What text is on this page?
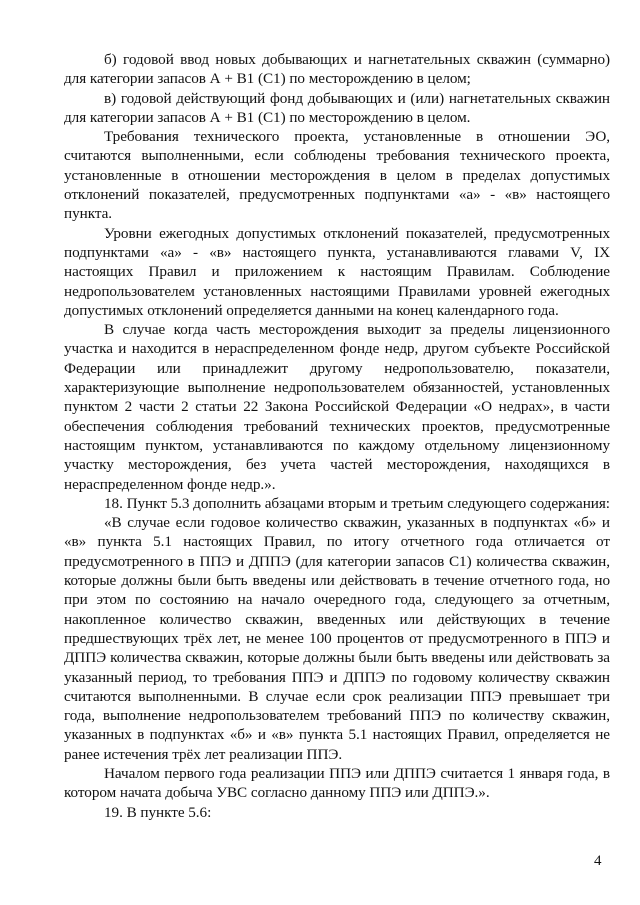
б) годовой ввод новых добывающих и нагнетательных скважин (суммарно) для категории запасов А + В1 (С1) по месторождению в целом;

в) годовой действующий фонд добывающих и (или) нагнетательных скважин для категории запасов А + В1 (С1) по месторождению в целом.

Требования технического проекта, установленные в отношении ЭО, считаются выполненными, если соблюдены требования технического проекта, установленные в отношении месторождения в целом в пределах допустимых отклонений показателей, предусмотренных подпунктами «а» - «в» настоящего пункта.

Уровни ежегодных допустимых отклонений показателей, предусмотренных подпунктами «а» - «в» настоящего пункта, устанавливаются главами V, IX настоящих Правил и приложением к настоящим Правилам. Соблюдение недропользователем установленных настоящими Правилами уровней ежегодных допустимых отклонений определяется данными на конец календарного года.

В случае когда часть месторождения выходит за пределы лицензионного участка и находится в нераспределенном фонде недр, другом субъекте Российской Федерации или принадлежит другому недропользователю, показатели, характеризующие выполнение недропользователем обязанностей, установленных пунктом 2 части 2 статьи 22 Закона Российской Федерации «О недрах», в части обеспечения соблюдения требований технических проектов, предусмотренные настоящим пунктом, устанавливаются по каждому отдельному лицензионному участку месторождения, без учета частей месторождения, находящихся в нераспределенном фонде недр.».

18. Пункт 5.3 дополнить абзацами вторым и третьим следующего содержания:

«В случае если годовое количество скважин, указанных в подпунктах «б» и «в» пункта 5.1 настоящих Правил, по итогу отчетного года отличается от предусмотренного в ППЭ и ДППЭ (для категории запасов С1) количества скважин, которые должны были быть введены или действовать в течение отчетного года, но при этом по состоянию на начало очередного года, следующего за отчетным, накопленное количество скважин, введенных или действующих в течение предшествующих трёх лет, не менее 100 процентов от предусмотренного в ППЭ и ДППЭ количества скважин, которые должны были быть введены или действовать за указанный период, то требования ППЭ и ДППЭ по годовому количеству скважин считаются выполненными. В случае если срок реализации ППЭ превышает три года, выполнение недропользователем требований ППЭ по количеству скважин, указанных в подпунктах «б» и «в» пункта 5.1 настоящих Правил, определяется не ранее истечения трёх лет реализации ППЭ.

Началом первого года реализации ППЭ или ДППЭ считается 1 января года, в котором начата добыча УВС согласно данному ППЭ или ДППЭ.».

19. В пункте 5.6:

4
